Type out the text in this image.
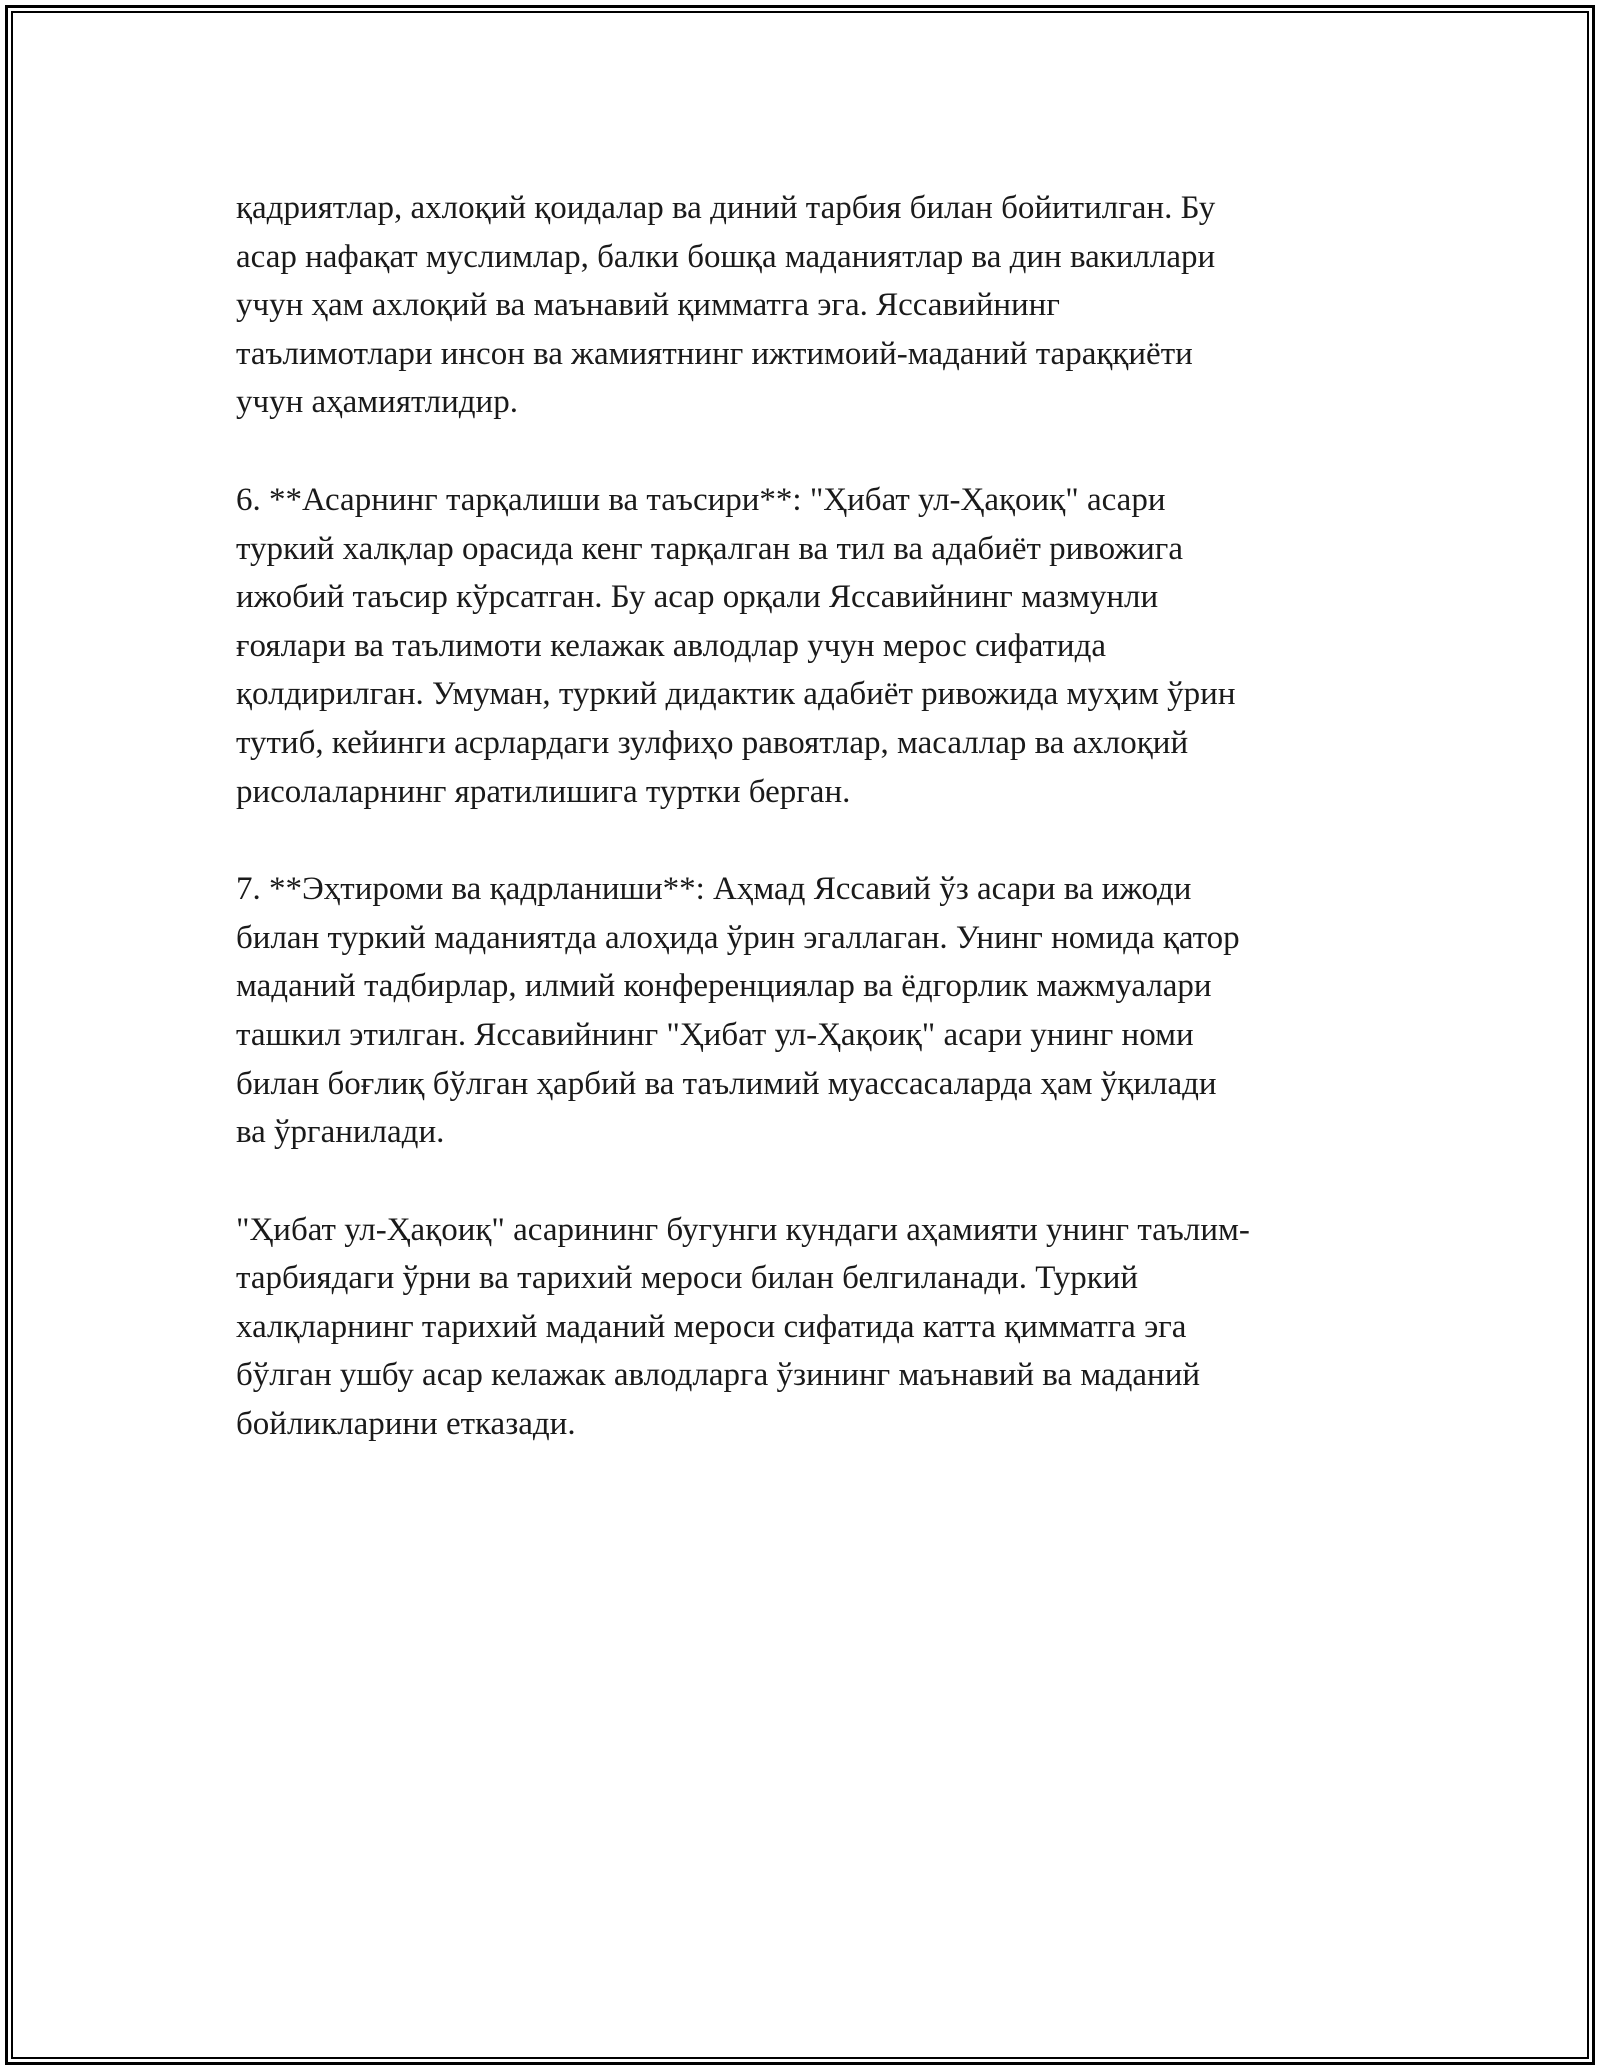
қадриятлар, ахлоқий қоидалар ва диний тарбия билан бойитилган. Бу
асар нафақат муслимлар, балки бошқа маданиятлар ва дин вакиллари
учун ҳам ахлоқий ва маънавий қимматга эга. Яссавийнинг
таълимотлари инсон ва жамиятнинг ижтимоий-маданий тараққиёти
учун аҳамиятлидир.

6. **Асарнинг тарқалиши ва таъсири**: "Ҳибат ул-Ҳақоиқ" асари
туркий халқлар орасида кенг тарқалган ва тил ва адабиёт ривожига
ижобий таъсир кўрсатган. Бу асар орқали Яссавийнинг мазмунли
ғоялари ва таълимоти келажак авлодлар учун мерос сифатида
қолдирилган. Умуман, туркий дидактик адабиёт ривожида муҳим ўрин
тутиб, кейинги асрлардаги зулфиҳо равоятлар, масаллар ва ахлоқий
рисолаларнинг яратилишига туртки берган.

7. **Эҳтироми ва қадрланиши**: Аҳмад Яссавий ўз асари ва ижоди
билан туркий маданиятда алоҳида ўрин эгаллаган. Унинг номида қатор
маданий тадбирлар, илмий конференциялар ва ёдгорлик мажмуалари
ташкил этилган. Яссавийнинг "Ҳибат ул-Ҳақоиқ" асари унинг номи
билан боғлиқ бўлган ҳарбий ва таълимий муассасаларда ҳам ўқилади
ва ўрганилади.

"Ҳибат ул-Ҳақоиқ" асарининг бугунги кундаги аҳамияти унинг таълим-
тарбиядаги ўрни ва тарихий мероси билан белгиланади. Туркий
халқларнинг тарихий маданий мероси сифатида катта қимматга эга
бўлган ушбу асар келажак авлодларга ўзининг маънавий ва маданий
бойликларини етказади.
